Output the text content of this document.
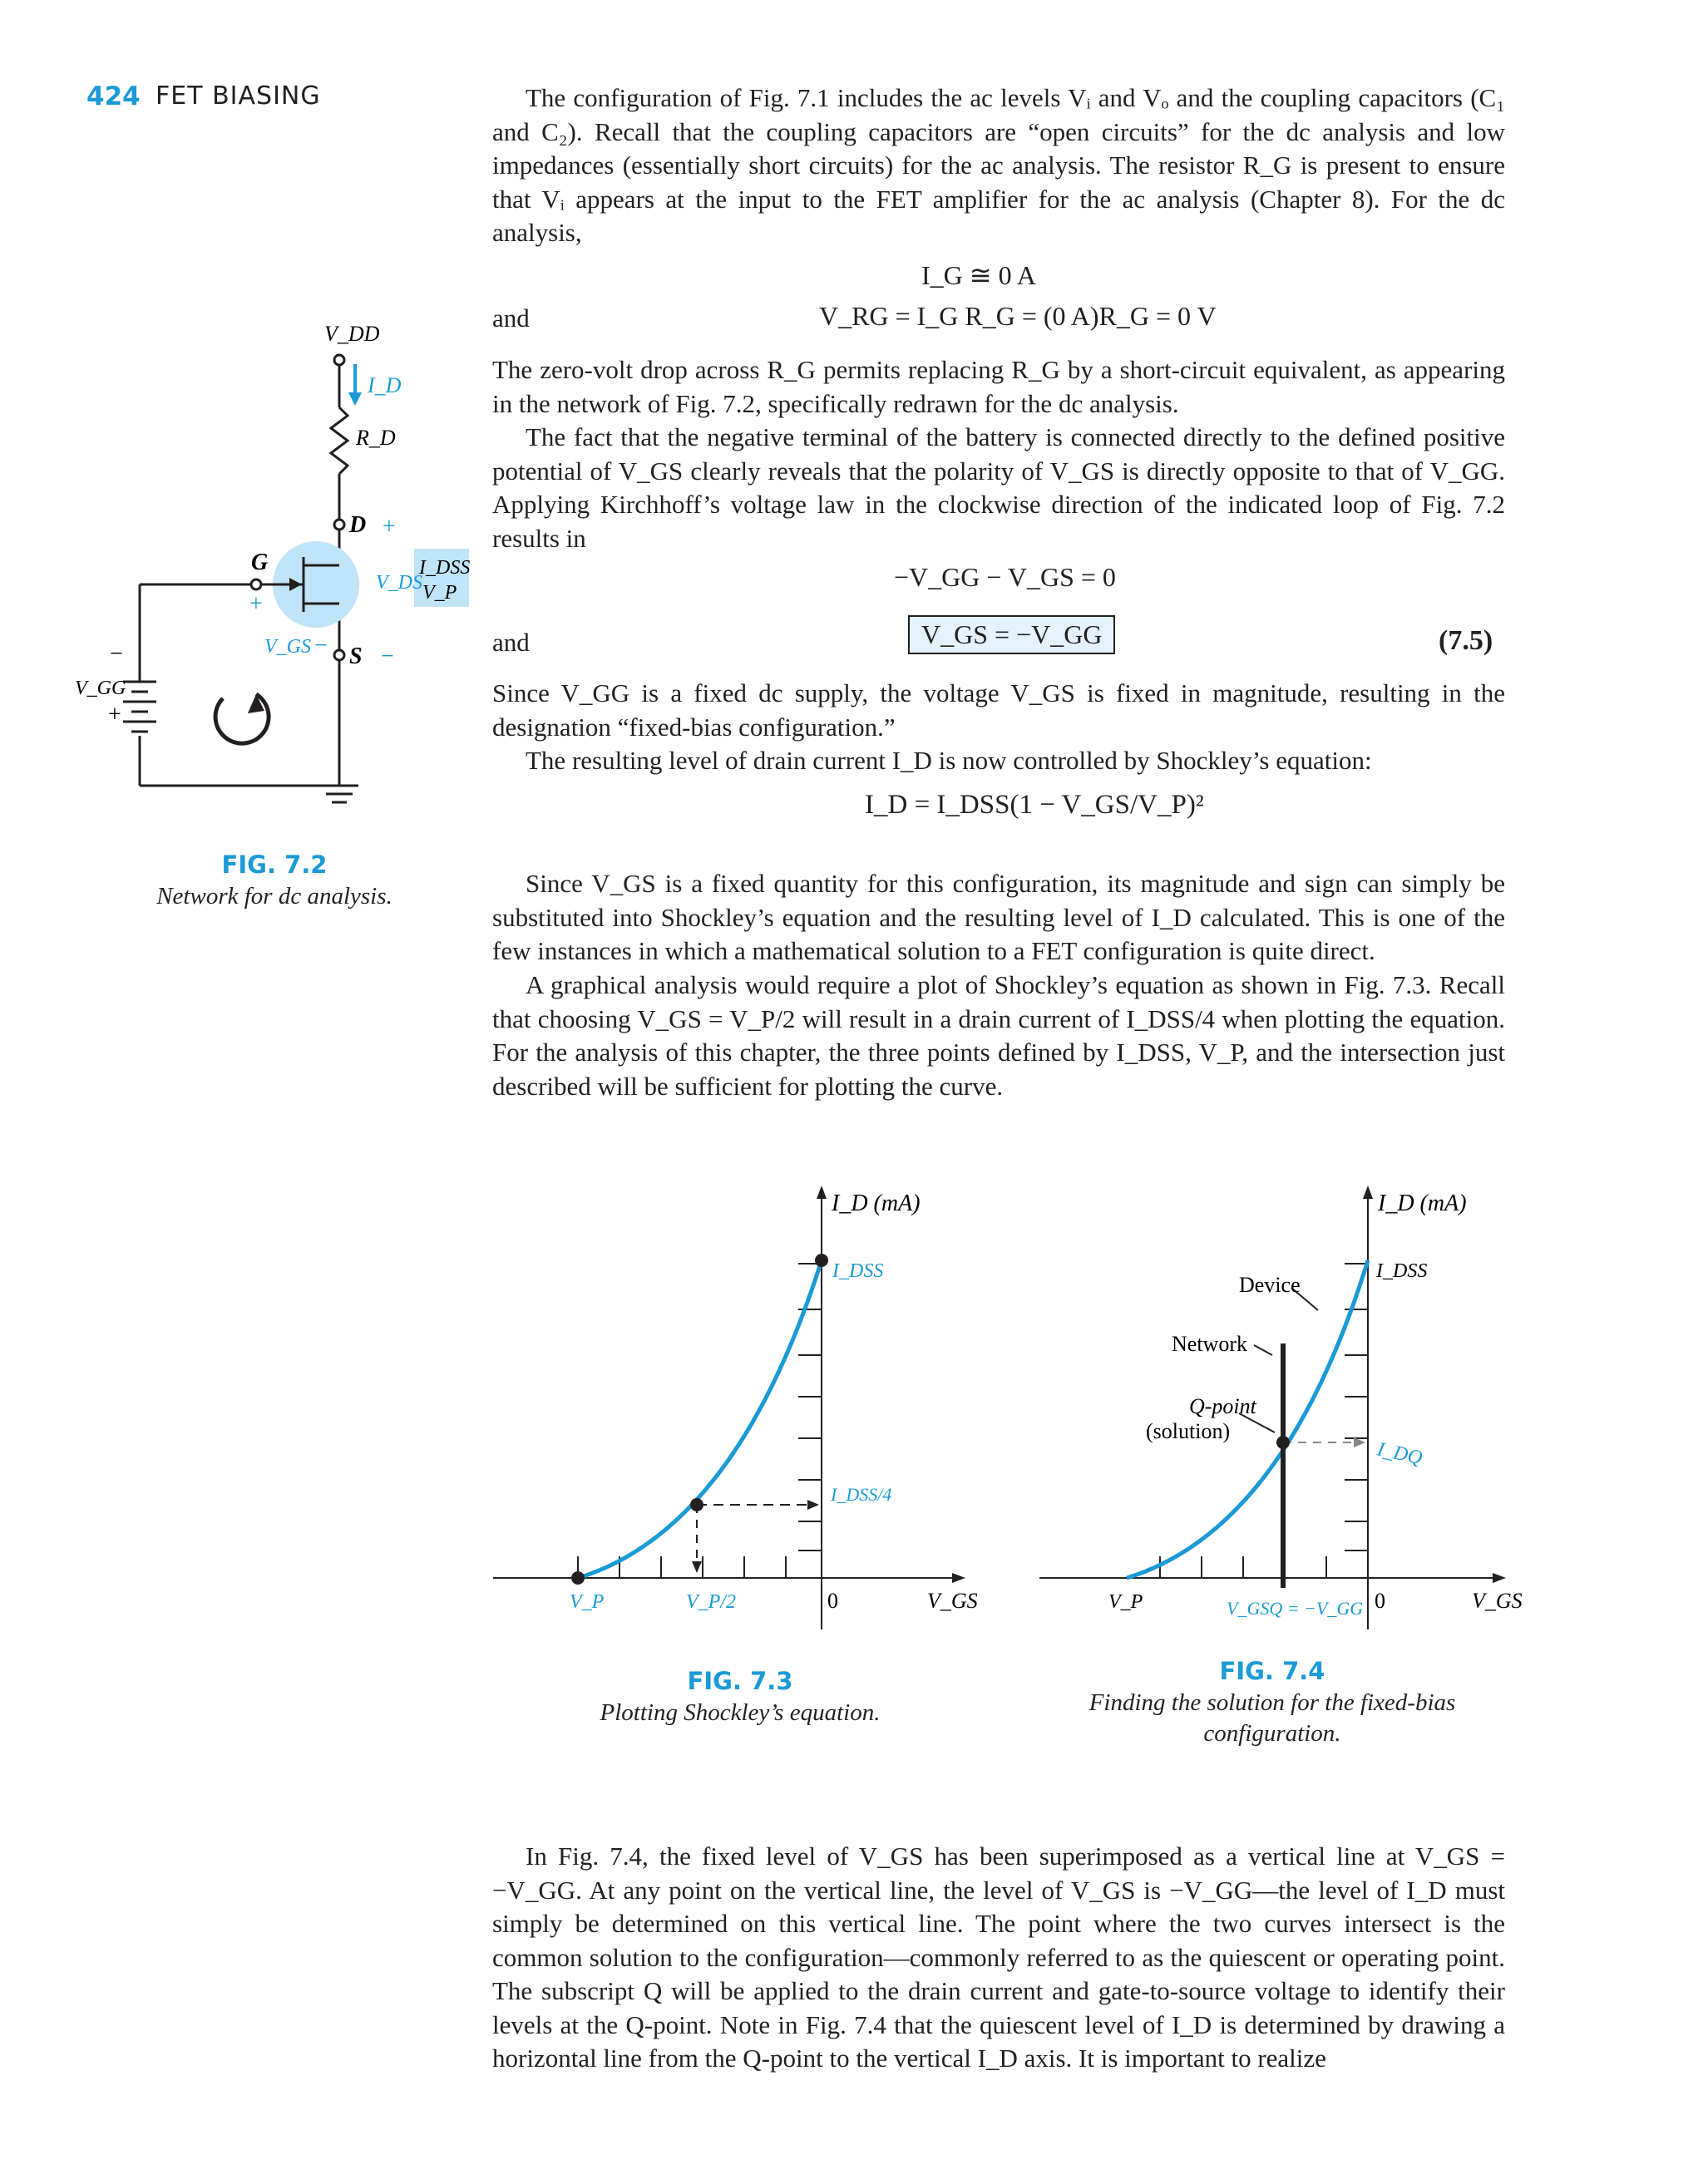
424 FET BIASING	The configuration of Fig. 7.1 includes the ac levels Vᵢ and Vₒ and the coupling capacitors (C₁ and C₂). Recall that the coupling capacitors are “open circuits” for the dc analysis and low impedances (essentially short circuits) for the ac analysis. The resistor R_G is present to ensure that Vᵢ appears at the input to the FET amplifier for the ac analysis (Chapter 8). For the dc analysis,

I_G ≅ 0 A
and	V_RG = I_G R_G = (0 A)R_G = 0 V

The zero-volt drop across R_G permits replacing R_G by a short-circuit equivalent, as appearing in the network of Fig. 7.2, specifically redrawn for the dc analysis.

The fact that the negative terminal of the battery is connected directly to the defined positive potential of V_GS clearly reveals that the polarity of V_GS is directly opposite to that of V_GG. Applying Kirchhoff’s voltage law in the clockwise direction of the indicated loop of Fig. 7.2 results in

−V_GG − V_GS = 0
and	V_GS = −V_GG	(7.5)

Since V_GG is a fixed dc supply, the voltage V_GS is fixed in magnitude, resulting in the designation “fixed-bias configuration.”

The resulting level of drain current I_D is now controlled by Shockley’s equation:

I_D = I_DSS(1 − V_GS/V_P)²

Since V_GS is a fixed quantity for this configuration, its magnitude and sign can simply be substituted into Shockley’s equation and the resulting level of I_D calculated. This is one of the few instances in which a mathematical solution to a FET configuration is quite direct.

A graphical analysis would require a plot of Shockley’s equation as shown in Fig. 7.3. Recall that choosing V_GS = V_P/2 will result in a drain current of I_DSS/4 when plotting the equation. For the analysis of this chapter, the three points defined by I_DSS, V_P, and the intersection just described will be sufficient for plotting the curve.

In Fig. 7.4, the fixed level of V_GS has been superimposed as a vertical line at V_GS = −V_GG. At any point on the vertical line, the level of V_GS is −V_GG—the level of I_D must simply be determined on this vertical line. The point where the two curves intersect is the common solution to the configuration—commonly referred to as the quiescent or operating point. The subscript Q will be applied to the drain current and gate-to-source voltage to identify their levels at the Q-point. Note in Fig. 7.4 that the quiescent level of I_D is determined by drawing a horizontal line from the Q-point to the vertical I_D axis. It is important to realize

V_DD
I_D
R_D
D +
G
+
V_DS
I_DSS
V_P
V_GS − S −
−
V_GG
+
FIG. 7.2
Network for dc analysis.
I_D (mA)
I_DSS
I_DSS/4
V_P	V_P/2	0	V_GS
FIG. 7.3
Plotting Shockley’s equation.
I_D (mA)
I_DSS
I_DQ
Device
Network
Q-point
(solution)
V_P	V_GSQ = −V_GG 0	V_GS
FIG. 7.4
Finding the solution for the fixed-bias configuration.
